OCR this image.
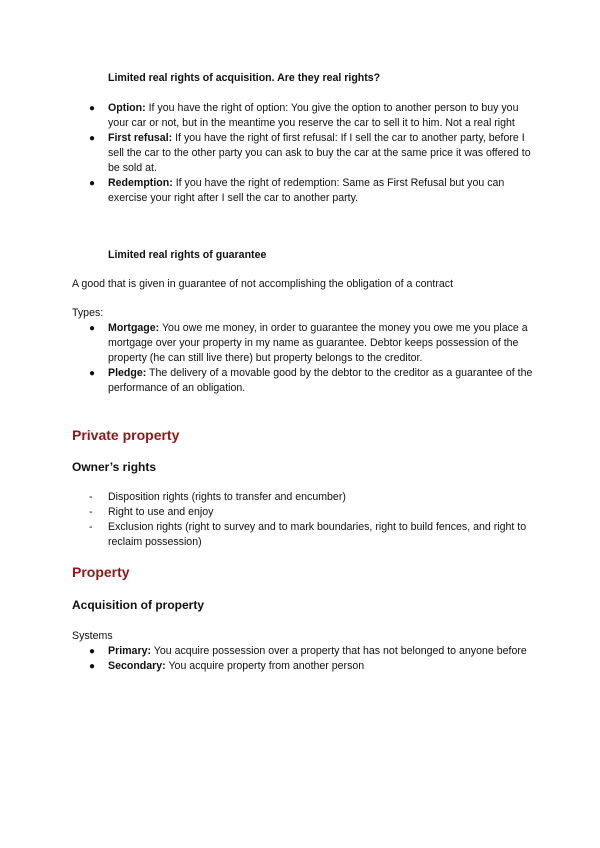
Limited real rights of acquisition. Are they real rights?

● Option: If you have the right of option: You give the option to another person to buy you your car or not, but in the meantime you reserve the car to sell it to him. Not a real right
● First refusal: If you have the right of first refusal: If I sell the car to another party, before I sell the car to the other party you can ask to buy the car at the same price it was offered to be sold at.
● Redemption: If you have the right of redemption: Same as First Refusal but you can exercise your right after I sell the car to another party.

Limited real rights of guarantee

A good that is given in guarantee of not accomplishing the obligation of a contract

Types:

● Mortgage: You owe me money, in order to guarantee the money you owe me you place a mortgage over your property in my name as guarantee. Debtor keeps possession of the property (he can still live there) but property belongs to the creditor.
● Pledge: The delivery of a movable good by the debtor to the creditor as a guarantee of the performance of an obligation.
Private property
Owner’s rights
- Disposition rights (rights to transfer and encumber)
- Right to use and enjoy
- Exclusion rights (right to survey and to mark boundaries, right to build fences, and right to reclaim possession)
Property
Acquisition of property

Systems

● Primary: You acquire possession over a property that has not belonged to anyone before
● Secondary: You acquire property from another person
